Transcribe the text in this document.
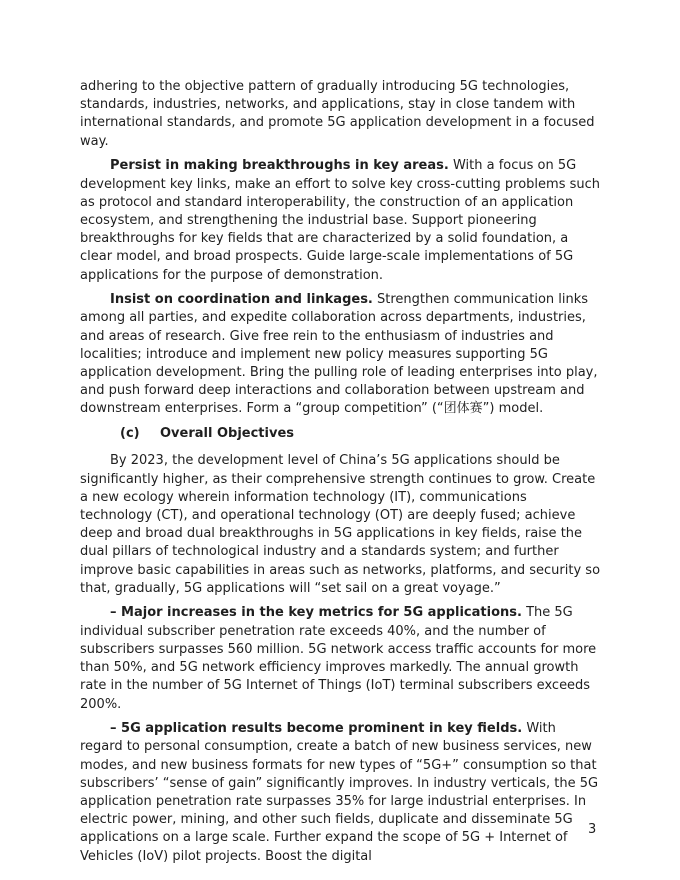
adhering to the objective pattern of gradually introducing 5G technologies, standards, industries, networks, and applications, stay in close tandem with international standards, and promote 5G application development in a focused way.

Persist in making breakthroughs in key areas. With a focus on 5G development key links, make an effort to solve key cross-cutting problems such as protocol and standard interoperability, the construction of an application ecosystem, and strengthening the industrial base. Support pioneering breakthroughs for key fields that are characterized by a solid foundation, a clear model, and broad prospects. Guide large-scale implementations of 5G applications for the purpose of demonstration.

Insist on coordination and linkages. Strengthen communication links among all parties, and expedite collaboration across departments, industries, and areas of research. Give free rein to the enthusiasm of industries and localities; introduce and implement new policy measures supporting 5G application development. Bring the pulling role of leading enterprises into play, and push forward deep interactions and collaboration between upstream and downstream enterprises. Form a “group competition” (“团体赛”) model.

(c) Overall Objectives

By 2023, the development level of China’s 5G applications should be significantly higher, as their comprehensive strength continues to grow. Create a new ecology wherein information technology (IT), communications technology (CT), and operational technology (OT) are deeply fused; achieve deep and broad dual breakthroughs in 5G applications in key fields, raise the dual pillars of technological industry and a standards system; and further improve basic capabilities in areas such as networks, platforms, and security so that, gradually, 5G applications will “set sail on a great voyage.”

– Major increases in the key metrics for 5G applications. The 5G individual subscriber penetration rate exceeds 40%, and the number of subscribers surpasses 560 million. 5G network access traffic accounts for more than 50%, and 5G network efficiency improves markedly. The annual growth rate in the number of 5G Internet of Things (IoT) terminal subscribers exceeds 200%.

– 5G application results become prominent in key fields. With regard to personal consumption, create a batch of new business services, new modes, and new business formats for new types of “5G+” consumption so that subscribers’ “sense of gain” significantly improves. In industry verticals, the 5G application penetration rate surpasses 35% for large industrial enterprises. In electric power, mining, and other such fields, duplicate and disseminate 5G applications on a large scale. Further expand the scope of 5G + Internet of Vehicles (IoV) pilot projects. Boost the digital

3
